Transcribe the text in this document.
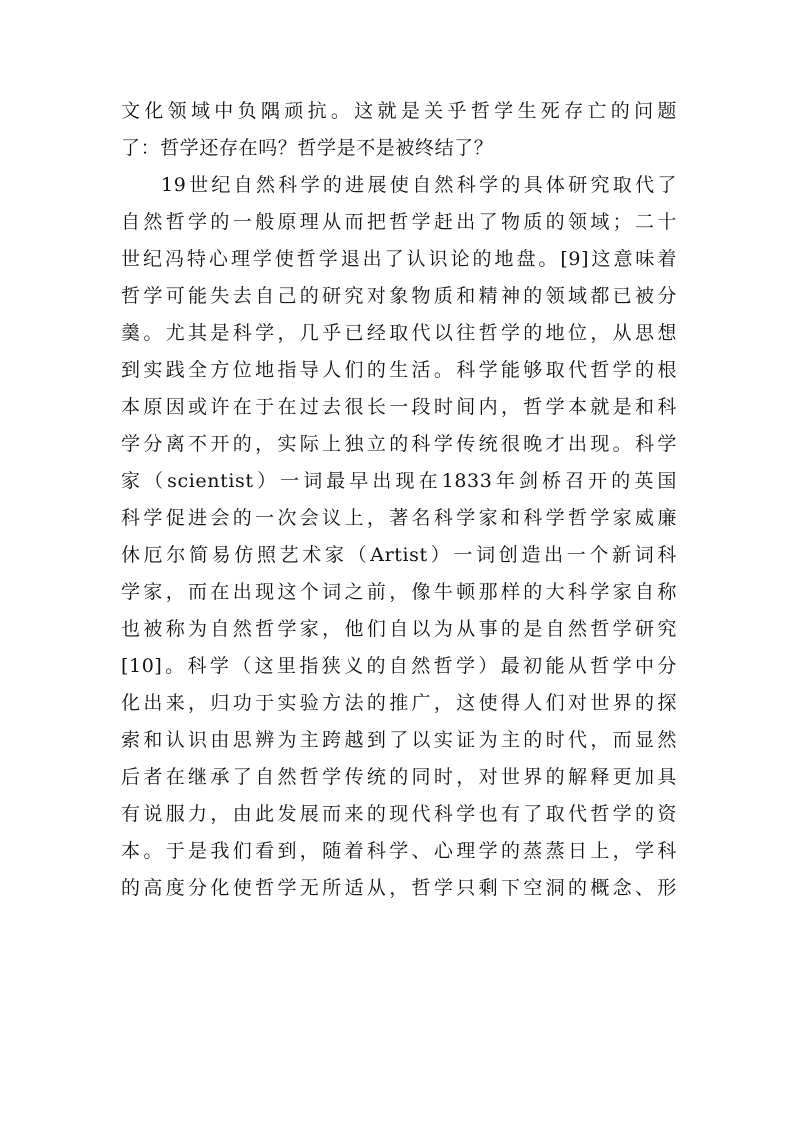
文化领域中负隅顽抗。这就是关乎哲学生死存亡的问题
了：哲学还存在吗？哲学是不是被终结了？
19世纪自然科学的进展使自然科学的具体研究取代了
自然哲学的一般原理从而把哲学赶出了物质的领域；二十
世纪冯特心理学使哲学退出了认识论的地盘。[9]这意味着
哲学可能失去自己的研究对象物质和精神的领域都已被分
羹。尤其是科学，几乎已经取代以往哲学的地位，从思想
到实践全方位地指导人们的生活。科学能够取代哲学的根
本原因或许在于在过去很长一段时间内，哲学本就是和科
学分离不开的，实际上独立的科学传统很晚才出现。科学
家（scientist）一词最早出现在1833年剑桥召开的英国
科学促进会的一次会议上，著名科学家和科学哲学家威廉
休厄尔简易仿照艺术家（Artist）一词创造出一个新词科
学家，而在出现这个词之前，像牛顿那样的大科学家自称
也被称为自然哲学家，他们自以为从事的是自然哲学研究
[10]。科学（这里指狭义的自然哲学）最初能从哲学中分
化出来，归功于实验方法的推广，这使得人们对世界的探
索和认识由思辨为主跨越到了以实证为主的时代，而显然
后者在继承了自然哲学传统的同时，对世界的解释更加具
有说服力，由此发展而来的现代科学也有了取代哲学的资
本。于是我们看到，随着科学、心理学的蒸蒸日上，学科
的高度分化使哲学无所适从，哲学只剩下空洞的概念、形
